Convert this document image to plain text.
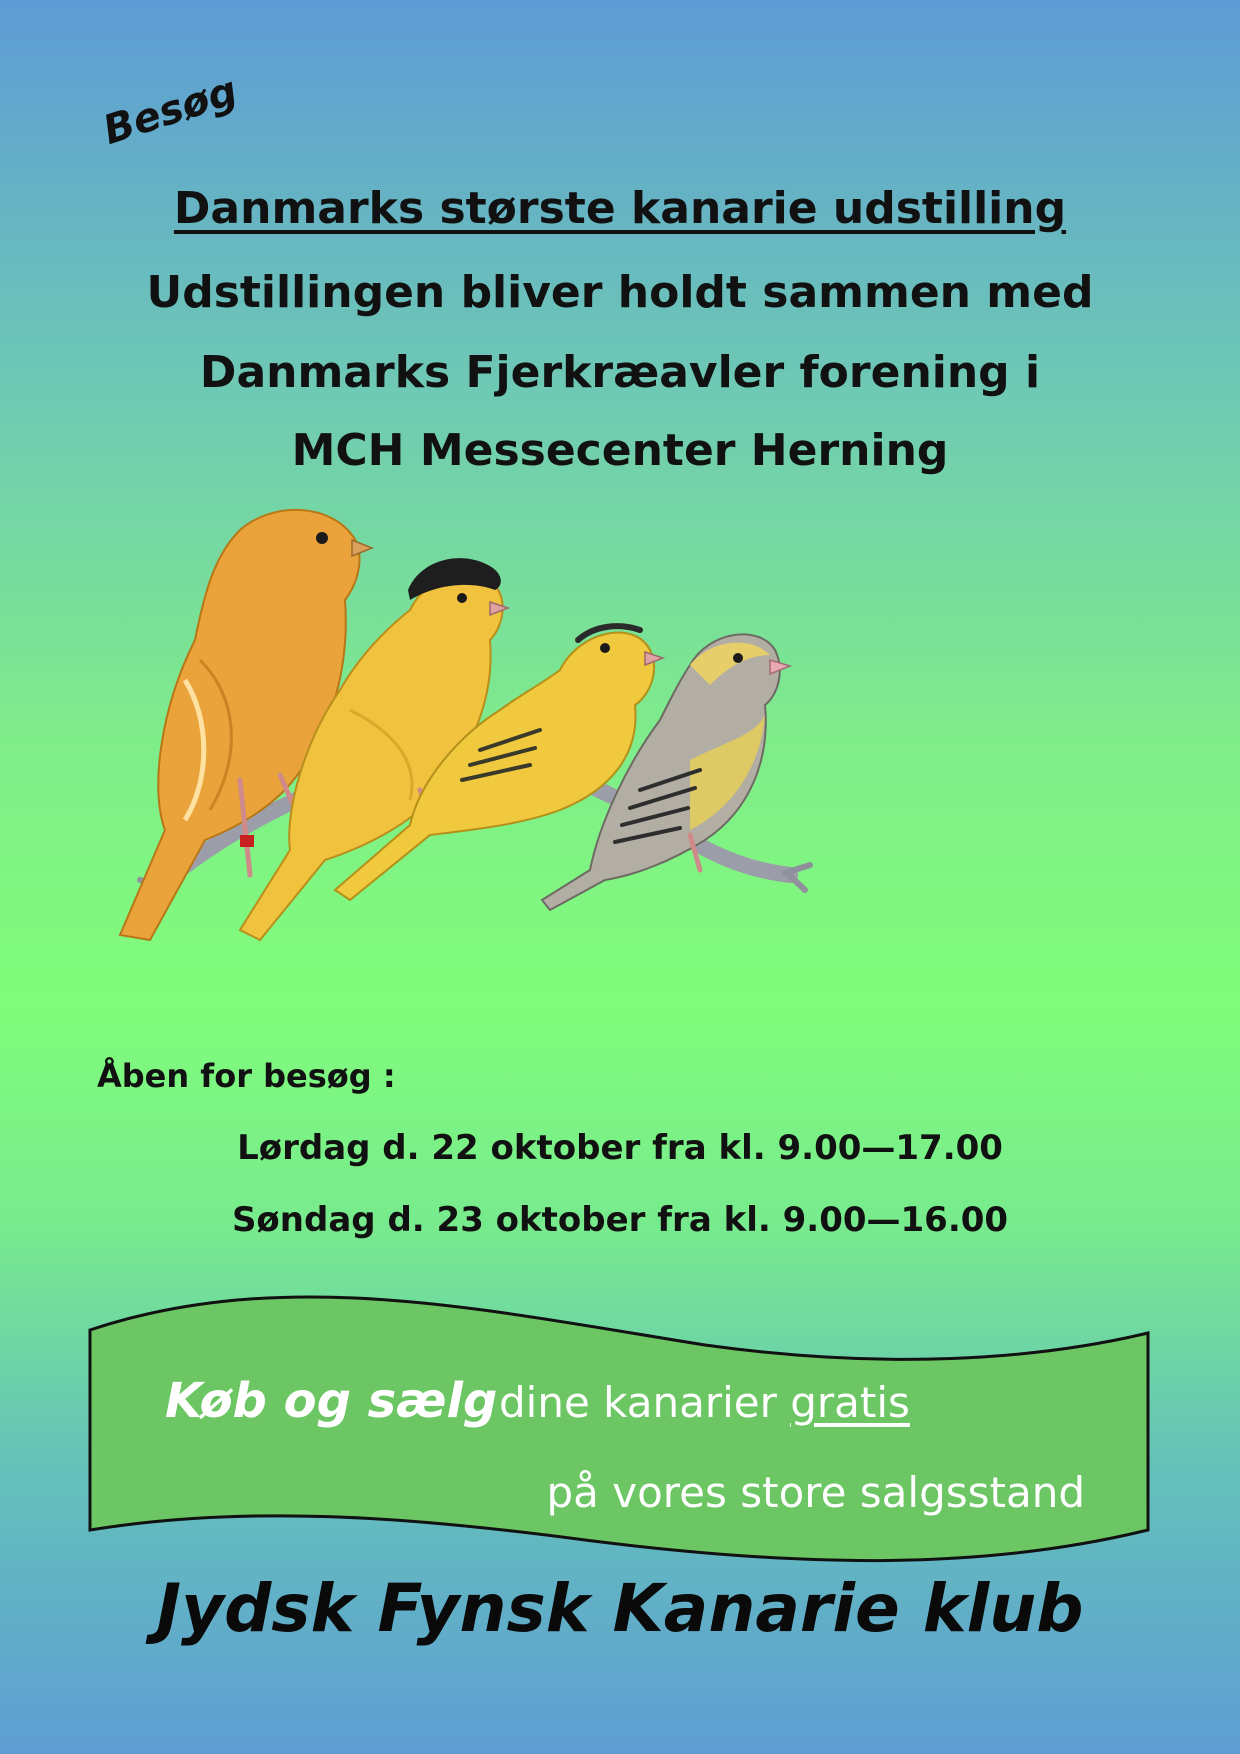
Besøg
Danmarks største kanarie udstilling
Udstillingen bliver holdt sammen med
Danmarks Fjerkræavler forening i
MCH Messecenter Herning
Åben for besøg :
Lørdag d. 22 oktober fra kl. 9.00—17.00
Søndag d. 23 oktober fra kl. 9.00—16.00
Køb og sælg dine kanarier gratis
på vores store salgsstand
Jydsk Fynsk Kanarie klub
